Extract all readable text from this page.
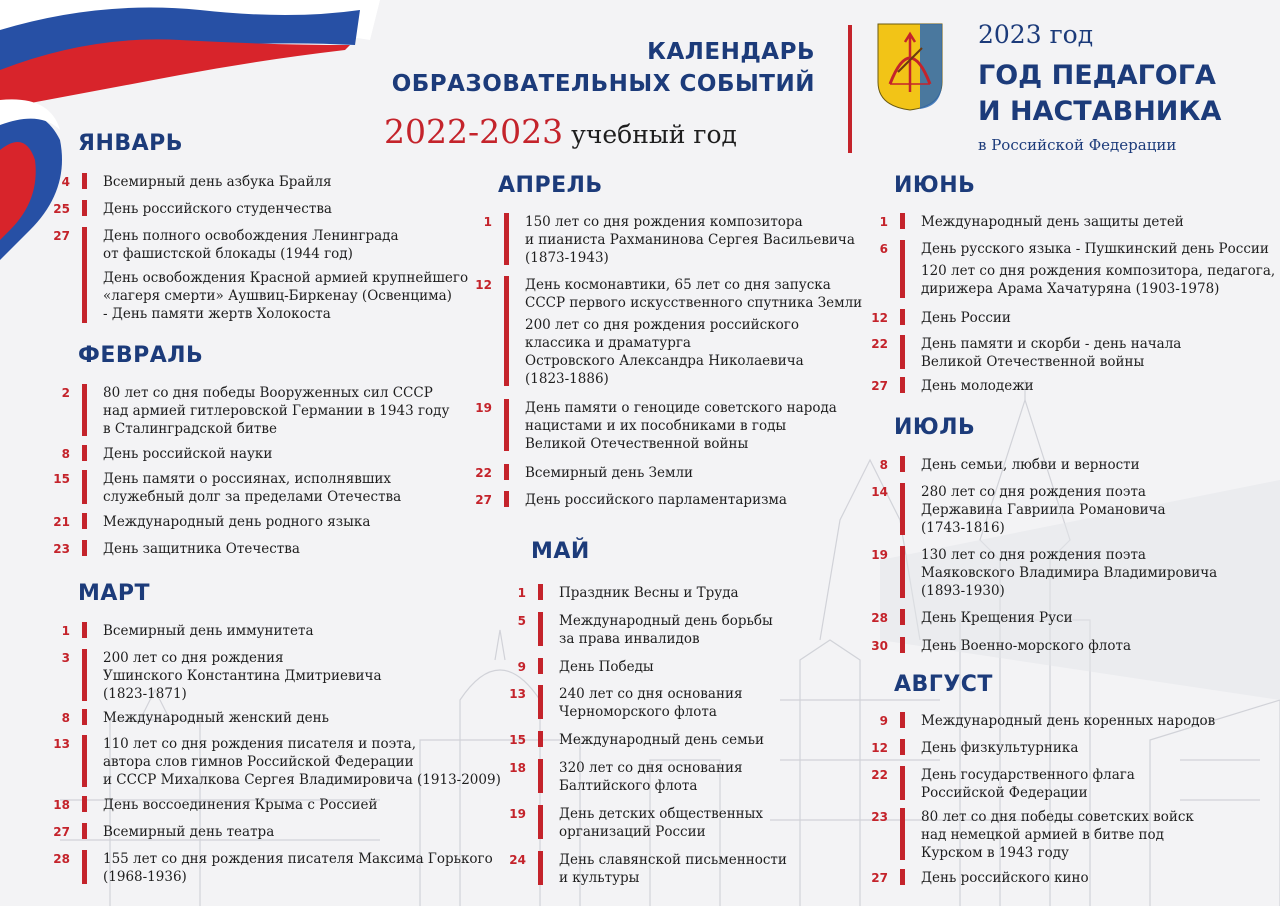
КАЛЕНДАРЬ
ОБРАЗОВАТЕЛЬНЫХ СОБЫТИЙ
2022-2023 учебный год
2023 год
ГОД ПЕДАГОГА
И НАСТАВНИКА
в Российской Федерации
ЯНВАРЬ
4 Всемирный день азбука Брайля
25 День российского студенчества
27 День полного освобождения Ленинграда
от фашистской блокады (1944 год)
День освобождения Красной армией крупнейшего
«лагеря смерти» Аушвиц-Биркенау (Освенцима)
- День памяти жертв Холокоста
ФЕВРАЛЬ
2 80 лет со дня победы Вооруженных сил СССР
над армией гитлеровской Германии в 1943 году
в Сталинградской битве
8 День российской науки
15 День памяти о россиянах, исполнявших
служебный долг за пределами Отечества
21 Международный день родного языка
23 День защитника Отечества
МАРТ
1 Всемирный день иммунитета
3 200 лет со дня рождения
Ушинского Константина Дмитриевича
(1823-1871)
8 Международный женский день
13 110 лет со дня рождения писателя и поэта,
автора слов гимнов Российской Федерации
и СССР Михалкова Сергея Владимировича (1913-2009)
18 День воссоединения Крыма с Россией
27 Всемирный день театра
28 155 лет со дня рождения писателя Максима Горького
(1968-1936)
АПРЕЛЬ
1 150 лет со дня рождения композитора
и пианиста Рахманинова Сергея Васильевича
(1873-1943)
12 День космонавтики, 65 лет со дня запуска
СССР первого искусственного спутника Земли
200 лет со дня рождения российского
классика и драматурга
Островского Александра Николаевича
(1823-1886)
19 День памяти о геноциде советского народа
нацистами и их пособниками в годы
Великой Отечественной войны
22 Всемирный день Земли
27 День российского парламентаризма
МАЙ
1 Праздник Весны и Труда
5 Международный день борьбы
за права инвалидов
9 День Победы
13 240 лет со дня основания
Черноморского флота
15 Международный день семьи
18 320 лет со дня основания
Балтийского флота
19 День детских общественных
организаций России
24 День славянской письменности
и культуры
ИЮНЬ
1 Международный день защиты детей
6 День русского языка - Пушкинский день России
120 лет со дня рождения композитора, педагога,
дирижера Арама Хачатуряна (1903-1978)
12 День России
22 День памяти и скорби - день начала
Великой Отечественной войны
27 День молодежи
ИЮЛЬ
8 День семьи, любви и верности
14 280 лет со дня рождения поэта
Державина Гавриила Романовича
(1743-1816)
19 130 лет со дня рождения поэта
Маяковского Владимира Владимировича
(1893-1930)
28 День Крещения Руси
30 День Военно-морского флота
АВГУСТ
9 Международный день коренных народов
12 День физкультурника
22 День государственного флага
Российской Федерации
23 80 лет со дня победы советских войск
над немецкой армией в битве под
Курском в 1943 году
27 День российского кино
